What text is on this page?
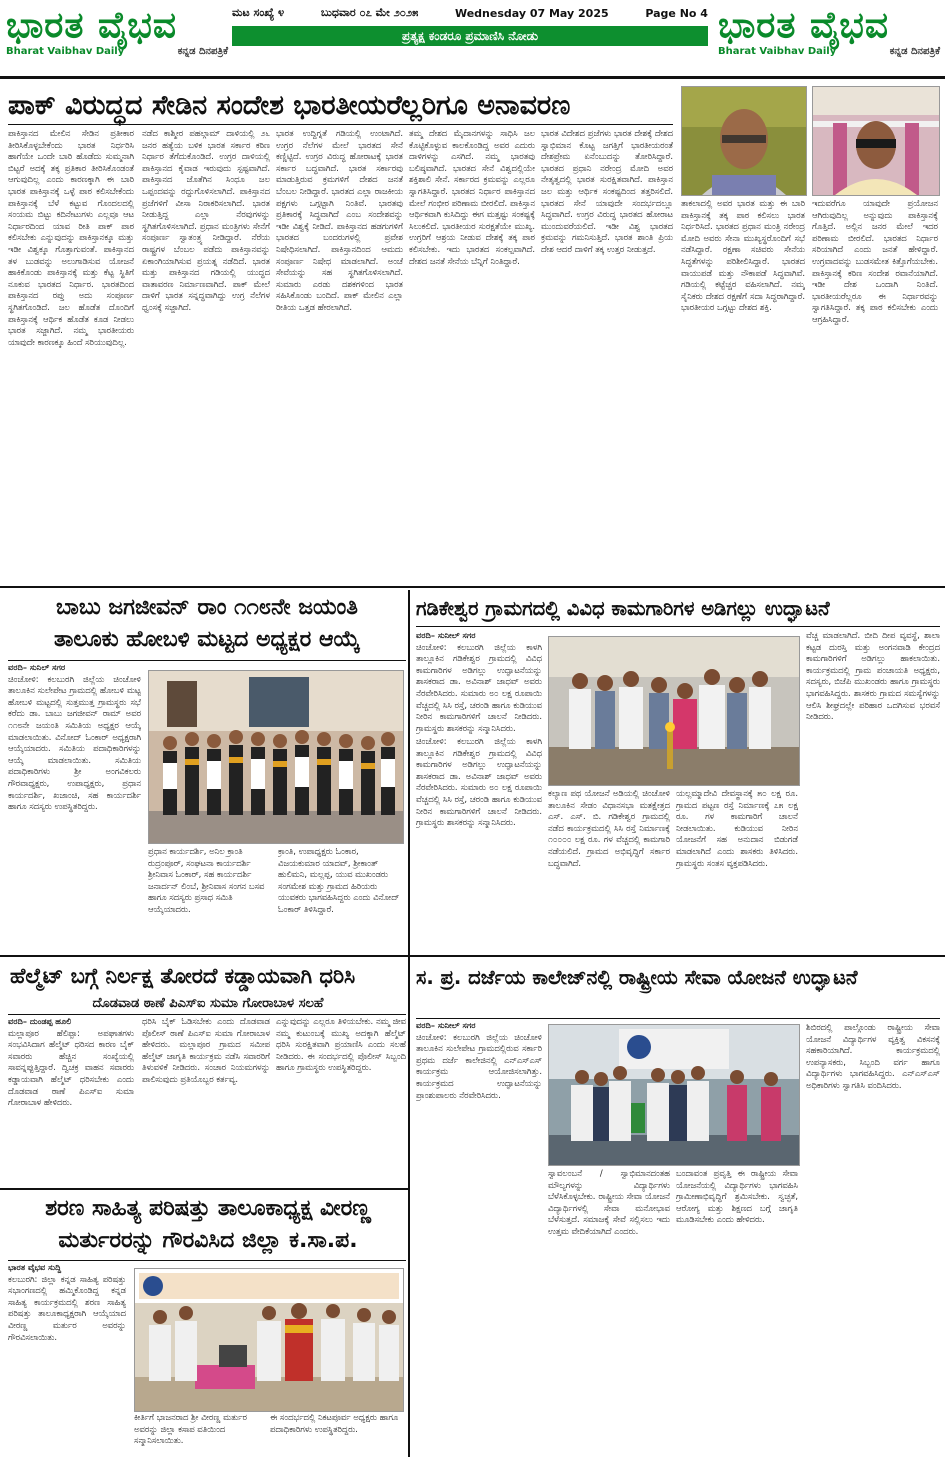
ಭಾರತ ವೈಭವ
Bharat Vaibhav Daily	ಕನ್ನಡ ದಿನಪತ್ರಿಕೆ
ಭಾರತ ವೈಭವ
Bharat Vaibhav Daily	ಕನ್ನಡ ದಿನಪತ್ರಿಕೆ
ಮಟ ಸಂಖ್ಯೆ ೪	ಬುಧವಾರ ೦೭ ಮೇ ೨೦೨೫	Wednesday 07 May 2025	Page No 4
ಪ್ರತ್ಯಕ್ಷ ಕಂಡರೂ ಪ್ರಮಾಣಿಸಿ ನೋಡು
ಪಾಕ್ ವಿರುದ್ಧದ ಸೇಡಿನ ಸಂದೇಶ ಭಾರತೀಯರೆಲ್ಲರಿಗೂ ಅನಾವರಣ
ಪಾಕಿಸ್ತಾನದ ಮೇಲಿನ ಸೇಡಿನ ಪ್ರತೀಕಾರ ತೀರಿಸಿಕೊಳ್ಳಬೇಕೆಂದು ಭಾರತ ನಿರ್ಧರಿಸಿ ಹಾಗೆಯೇ ಒಂದೇ ಬಾರಿ ಹೊಡೆದು ಸುಮ್ಮನಾಗಿ ಬಿಟ್ಟರೆ ಅದಕ್ಕೆ ತಕ್ಕ ಪ್ರತಿಕಾರ ತೀರಿಸಿಕೊಂಡಂತೆ ಆಗುವುದಿಲ್ಲ ಎಂದು ಕಾರಣಕ್ಕಾಗಿ ಈ ಬಾರಿ ಭಾರತ ಪಾಕಿಸ್ತಾನಕ್ಕೆ ಒಳ್ಳೆ ಪಾಠ ಕಲಿಸಬೇಕೆಂದು ಪಾಕಿಸ್ತಾನಕ್ಕೆ ಬೆಳೆ ಕಟ್ಟುವ ಗೊಂದಲದಲ್ಲಿ ಸಂಯಮ ಬಿಟ್ಟು ಕದಿನೇಟುಗಳು ಎಲ್ಲವೂ ಆಟ ನಿರ್ಧಾರದಿಂದ ಯಾವ ರೀತಿ ಪಾಕ್ ಪಾಠ ಕಲಿಸಬೇಕು ಎನ್ನುವುದನ್ನು ಪಾಕಿಸ್ತಾನಕ್ಕೂ ಮತ್ತು ಇಡೀ ವಿಶ್ವಕ್ಕೂ ಗೊತ್ತಾಗುವಂತೆ. ಪಾಕಿಸ್ತಾನದ ತಳ ಬುಡವನ್ನು ಅಲುಗಾಡಿಸುವ ಯೋಜನೆ ಹಾಕಿಕೊಂಡು ಪಾಕಿಸ್ತಾನಕ್ಕೆ ಮತ್ತು ಕೆಟ್ಟ ಸ್ಥಿತಿಗೆ ನೂಕುವ ಭಾರತದ ನಿರ್ಧಾರ. ಭಾರತದಿಂದ ಪಾಕಿಸ್ತಾನದ ರಪ್ತು ಅದು ಸಂಪೂರ್ಣ ಸ್ಥಗಿತಗೊಂಡಿದೆ. ಜಲ ಹೊಡೆತ ದೊಂದಿಗೆ ಪಾಕಿಸ್ತಾನಕ್ಕೆ ಆರ್ಥಿಕ ಹೊಡೆತ ಕೂಡ ನೀಡಲು ಭಾರತ ಸಜ್ಜಾಗಿದೆ. ನಮ್ಮ ಭಾರತೀಯರು ಯಾವುದೇ ಕಾರಣಕ್ಕೂ ಹಿಂದೆ ಸರಿಯುವುದಿಲ್ಲ.
ನಡೆದ ಕಾಶ್ಮೀರ ಪಹಲ್ಗಾಮ್ ದಾಳಿಯಲ್ಲಿ ೨೬ ಜನರ ಹತ್ಯೆಯ ಬಳಿಕ ಭಾರತ ಸರ್ಕಾರ ಕಠಿಣ ನಿರ್ಧಾರ ತೆಗೆದುಕೊಂಡಿದೆ. ಉಗ್ರರ ದಾಳಿಯಲ್ಲಿ ಪಾಕಿಸ್ತಾನದ ಕೈವಾಡ ಇರುವುದು ಸ್ಪಷ್ಟವಾಗಿದೆ. ಪಾಕಿಸ್ತಾನದ ಜೊತೆಗಿನ ಸಿಂಧೂ ಜಲ ಒಪ್ಪಂದವನ್ನು ರದ್ದುಗೊಳಿಸಲಾಗಿದೆ. ಪಾಕಿಸ್ತಾನದ ಪ್ರಜೆಗಳಿಗೆ ವೀಸಾ ನಿರಾಕರಿಸಲಾಗಿದೆ. ಭಾರತ ನೀಡುತ್ತಿದ್ದ ಎಲ್ಲಾ ನೆರವುಗಳನ್ನು ಸ್ಥಗಿತಗೊಳಿಸಲಾಗಿದೆ. ಪ್ರಧಾನ ಮಂತ್ರಿಗಳು ಸೇನೆಗೆ ಸಂಪೂರ್ಣ ಸ್ವಾತಂತ್ರ್ಯ ನೀಡಿದ್ದಾರೆ. ನೆರೆಯ ರಾಷ್ಟ್ರಗಳ ಬೆಂಬಲ ಪಡೆದು ಪಾಕಿಸ್ತಾನವನ್ನು ಏಕಾಂಗಿಯಾಗಿಸುವ ಪ್ರಯತ್ನ ನಡೆದಿದೆ. ಭಾರತ ಮತ್ತು ಪಾಕಿಸ್ತಾನದ ಗಡಿಯಲ್ಲಿ ಯುದ್ಧದ ವಾತಾವರಣ ನಿರ್ಮಾಣವಾಗಿದೆ. ಪಾಕ್ ಮೇಲೆ ದಾಳಿಗೆ ಭಾರತ ಸನ್ನದ್ಧವಾಗಿದ್ದು ಉಗ್ರ ನೆಲೆಗಳ ಧ್ವಂಸಕ್ಕೆ ಸಜ್ಜಾಗಿದೆ.
ಭಾರತ ಉದ್ದಿಗ್ನತೆ ಗಡಿಯಲ್ಲಿ ಉಂಟಾಗಿದೆ. ಉಗ್ರರ ನೆಲೆಗಳ ಮೇಲೆ ಭಾರತದ ಸೇನೆ ಕಣ್ಣಿಟ್ಟಿದೆ. ಉಗ್ರರ ವಿರುದ್ಧ ಹೋರಾಟಕ್ಕೆ ಭಾರತ ಸರ್ಕಾರ ಬದ್ಧವಾಗಿದೆ. ಭಾರತ ಸರ್ಕಾರವು ಮಾಡುತ್ತಿರುವ ಕ್ರಮಗಳಿಗೆ ದೇಶದ ಜನತೆ ಬೆಂಬಲ ನೀಡಿದ್ದಾರೆ. ಭಾರತದ ಎಲ್ಲಾ ರಾಜಕೀಯ ಪಕ್ಷಗಳು ಒಗ್ಗಟ್ಟಾಗಿ ನಿಂತಿವೆ. ಭಾರತವು ಪ್ರತಿಕಾರಕ್ಕೆ ಸಿದ್ಧವಾಗಿದೆ ಎಂಬ ಸಂದೇಶವನ್ನು ಇಡೀ ವಿಶ್ವಕ್ಕೆ ನೀಡಿದೆ. ಪಾಕಿಸ್ತಾನದ ಹಡಗುಗಳಿಗೆ ಭಾರತದ ಬಂದರುಗಳಲ್ಲಿ ಪ್ರವೇಶ ನಿಷೇಧಿಸಲಾಗಿದೆ. ಪಾಕಿಸ್ತಾನದಿಂದ ಆಮದು ಸಂಪೂರ್ಣ ನಿಷೇಧ ಮಾಡಲಾಗಿದೆ. ಅಂಚೆ ಸೇವೆಯನ್ನು ಸಹ ಸ್ಥಗಿತಗೊಳಿಸಲಾಗಿದೆ. ಸುಮಾರು ಎರಡು ದಶಕಗಳಿಂದ ಭಾರತ ಸಹಿಸಿಕೊಂಡು ಬಂದಿದೆ. ಪಾಕ್ ಮೇಲಿನ ಎಲ್ಲಾ ರೀತಿಯ ಒತ್ತಡ ಹೇರಲಾಗಿದೆ.
ತಮ್ಮ ದೇಶದ ಮೈದಾನಗಳನ್ನು ಸಾಧಿಸಿ ಜಲ ಕೊಟ್ಟಿಕೊಳ್ಳುವ ಕಾಲಕೊಂಡಿದ್ದ ಅವರ ಎದುರು ದಾಳಿಗಳನ್ನು ಎಸಗಿದೆ. ನಮ್ಮ ಭಾರತವು ಬಲಿಷ್ಠವಾಗಿದೆ. ಭಾರತದ ಸೇನೆ ವಿಶ್ವದಲ್ಲಿಯೇ ಶಕ್ತಿಶಾಲಿ ಸೇನೆ. ಸರ್ಕಾರದ ಕ್ರಮವನ್ನು ಎಲ್ಲರೂ ಸ್ವಾಗತಿಸಿದ್ದಾರೆ. ಭಾರತದ ನಿರ್ಧಾರ ಪಾಕಿಸ್ತಾನದ ಮೇಲೆ ಗಂಭೀರ ಪರಿಣಾಮ ಬೀರಲಿದೆ. ಪಾಕಿಸ್ತಾನ ಆರ್ಥಿಕವಾಗಿ ಕುಸಿದಿದ್ದು ಈಗ ಮತ್ತಷ್ಟು ಸಂಕಷ್ಟಕ್ಕೆ ಸಿಲುಕಲಿದೆ. ಭಾರತೀಯರ ಸುರಕ್ಷತೆಯೇ ಮುಖ್ಯ. ಉಗ್ರರಿಗೆ ಆಶ್ರಯ ನೀಡುವ ದೇಶಕ್ಕೆ ತಕ್ಕ ಪಾಠ ಕಲಿಸಬೇಕು. ಇದು ಭಾರತದ ಸಂಕಲ್ಪವಾಗಿದೆ. ದೇಶದ ಜನತೆ ಸೇನೆಯ ಬೆನ್ನಿಗೆ ನಿಂತಿದ್ದಾರೆ.
ಭಾರತ ವಿದೇಶದ ಪ್ರಜೆಗಳು ಭಾರತ ದೇಶಕ್ಕೆ ದೇಶದ ಸ್ವಾಭಿಮಾನ ಕೊಟ್ಟ ಜಗತ್ತಿಗೆ ಭಾರತೀಯರಂತೆ ದೇಶಪ್ರೇಮ ಏನೆಂಬುದನ್ನು ತೋರಿಸಿದ್ದಾರೆ. ಭಾರತದ ಪ್ರಧಾನಿ ನರೇಂದ್ರ ಮೋದಿ ಅವರ ನೇತೃತ್ವದಲ್ಲಿ ಭಾರತ ಸುರಕ್ಷಿತವಾಗಿದೆ. ಪಾಕಿಸ್ತಾನ ಜಲ ಮತ್ತು ಆರ್ಥಿಕ ಸಂಕಷ್ಟದಿಂದ ತತ್ತರಿಸಲಿದೆ. ಭಾರತದ ಸೇನೆ ಯಾವುದೇ ಸಂದರ್ಭದಲ್ಲೂ ಸಿದ್ಧವಾಗಿದೆ. ಉಗ್ರರ ವಿರುದ್ಧ ಭಾರತದ ಹೋರಾಟ ಮುಂದುವರೆಯಲಿದೆ. ಇಡೀ ವಿಶ್ವ ಭಾರತದ ಕ್ರಮವನ್ನು ಗಮನಿಸುತ್ತಿದೆ. ಭಾರತ ಶಾಂತಿ ಪ್ರಿಯ ದೇಶ ಆದರೆ ದಾಳಿಗೆ ತಕ್ಕ ಉತ್ತರ ನೀಡುತ್ತದೆ.
ತಾಕಲಾದಲ್ಲಿ ಅವರ ಭಾರತ ಮತ್ತು ಈ ಬಾರಿ ಪಾಕಿಸ್ತಾನಕ್ಕೆ ತಕ್ಕ ಪಾಠ ಕಲಿಸಲು ಭಾರತ ನಿರ್ಧರಿಸಿದೆ. ಭಾರತದ ಪ್ರಧಾನ ಮಂತ್ರಿ ನರೇಂದ್ರ ಮೋದಿ ಅವರು ಸೇನಾ ಮುಖ್ಯಸ್ಥರೊಂದಿಗೆ ಸಭೆ ನಡೆಸಿದ್ದಾರೆ. ರಕ್ಷಣಾ ಸಚಿವರು ಸೇನೆಯ ಸಿದ್ಧತೆಗಳನ್ನು ಪರಿಶೀಲಿಸಿದ್ದಾರೆ. ಭಾರತದ ವಾಯುಪಡೆ ಮತ್ತು ನೌಕಾಪಡೆ ಸಿದ್ಧವಾಗಿವೆ. ಗಡಿಯಲ್ಲಿ ಕಟ್ಟೆಚ್ಚರ ವಹಿಸಲಾಗಿದೆ. ನಮ್ಮ ಸೈನಿಕರು ದೇಶದ ರಕ್ಷಣೆಗೆ ಸದಾ ಸಿದ್ಧರಾಗಿದ್ದಾರೆ. ಭಾರತೀಯರ ಒಗ್ಗಟ್ಟು ದೇಶದ ಶಕ್ತಿ.
ಇದುವರೆಗೂ ಯಾವುದೇ ಪ್ರಯೋಜನ ಆಗಿರುವುದಿಲ್ಲ ಅನ್ನುವುದು ಪಾಕಿಸ್ತಾನಕ್ಕೆ ಗೊತ್ತಿದೆ. ಅಲ್ಲಿನ ಜನರ ಮೇಲೆ ಇದರ ಪರಿಣಾಮ ಬೀರಲಿದೆ. ಭಾರತದ ನಿರ್ಧಾರ ಸರಿಯಾಗಿದೆ ಎಂದು ಜನತೆ ಹೇಳಿದ್ದಾರೆ. ಉಗ್ರವಾದವನ್ನು ಬುಡಸಮೇತ ಕಿತ್ತೊಗೆಯಬೇಕು. ಪಾಕಿಸ್ತಾನಕ್ಕೆ ಕಠಿಣ ಸಂದೇಶ ರವಾನೆಯಾಗಿದೆ. ಇಡೀ ದೇಶ ಒಂದಾಗಿ ನಿಂತಿದೆ. ಭಾರತೀಯರೆಲ್ಲರೂ ಈ ನಿರ್ಧಾರವನ್ನು ಸ್ವಾಗತಿಸಿದ್ದಾರೆ. ತಕ್ಕ ಪಾಠ ಕಲಿಸಬೇಕು ಎಂದು ಆಗ್ರಹಿಸಿದ್ದಾರೆ.
ಬಾಬು ಜಗಜೀವನ್ ರಾಂ ೧೧೮ನೇ ಜಯಂತಿ
ತಾಲೂಕು ಹೋಬಳಿ ಮಟ್ಟದ ಅಧ್ಯಕ್ಷರ ಆಯ್ಕೆ
ವರದಿ– ಸುನಿಲ್ ಸಗರ

ಚಿಂಚೋಳಿ: ಕಲಬುರಗಿ ಜಿಲ್ಲೆಯ ಚಿಂಚೋಳಿ ತಾಲೂಕಿನ ಸುಲೇಪೇಟ ಗ್ರಾಮದಲ್ಲಿ ಹೋಬಳಿ ಮಟ್ಟ ಹೋಬಳಿ ಮಟ್ಟದಲ್ಲಿ ಸುತ್ತಮುತ್ತ ಗ್ರಾಮಸ್ಥರು ಸಭೆ ಕರೆದು ಡಾ. ಬಾಬು ಜಗಜೀವನ್ ರಾಮ್ ಅವರ ೧೧೮ನೇ ಜಯಂತಿ ಸಮಿತಿಯ ಅಧ್ಯಕ್ಷರ ಆಯ್ಕೆ ಮಾಡಲಾಯಿತು. ವಿನೋದ್ ಓಂಕಾರ್ ಅಧ್ಯಕ್ಷರಾಗಿ ಆಯ್ಕೆಯಾದರು. ಸಮಿತಿಯ ಪದಾಧಿಕಾರಿಗಳನ್ನು ಆಯ್ಕೆ ಮಾಡಲಾಯಿತು. ಸಮಿತಿಯ ಪದಾಧಿಕಾರಿಗಳು ಶ್ರೀ ಅಂಗವಿಕಲರು ಗೌರವಾಧ್ಯಕ್ಷರು, ಉಪಾಧ್ಯಕ್ಷರು, ಪ್ರಧಾನ ಕಾರ್ಯದರ್ಶಿ, ಖಜಾಂಚಿ, ಸಹ ಕಾರ್ಯದರ್ಶಿ ಹಾಗೂ ಸದಸ್ಯರು ಉಪಸ್ಥಿತರಿದ್ದರು.

ಪ್ರಧಾನ ಕಾರ್ಯದರ್ಶಿ, ಅನಿಲ ಕ್ರಾಂತಿ ರುದ್ರಂಪೂರ್, ಸಂಘಟನಾ ಕಾರ್ಯದರ್ಶಿ ಶ್ರೀನಿವಾಸ ಓಂಕಾರ್, ಸಹ ಕಾರ್ಯದರ್ಶಿ ಜನಾರ್ದನ್ ಲಿಂಬೆ, ಶ್ರೀನಿವಾಸ ಸಂಗನ ಬಸವ ಹಾಗೂ ಸದಸ್ಯರು ಪ್ರಸಾಧ ಸಮಿತಿ ಆಯ್ಕೆಯಾದರು.
ಕ್ರಾಂತಿ, ಉಪಾಧ್ಯಕ್ಷರು ಓಂಕಾರ, ವಿಜಯಕುಮಾರ ಯಾದವ್, ಶ್ರೀಕಾಂತ್ ಹುಲಿಮನಿ, ಮಲ್ಲಪ್ಪ, ಯುವ ಮುಖಂಡರು ಸಂಗಮೇಶ ಮತ್ತು ಗ್ರಾಮದ ಹಿರಿಯರು ಯುವಕರು ಭಾಗವಹಿಸಿದ್ದರು ಎಂದು ವಿನೋದ್ ಓಂಕಾರ್ ತಿಳಿಸಿದ್ದಾರೆ.
ಗಡಿಕೇಶ್ವರ ಗ್ರಾಮಗದಲ್ಲಿ ವಿವಿಧ ಕಾಮಗಾರಿಗಳ ಅಡಿಗಲ್ಲು ಉದ್ಘಾಟನೆ
ವರದಿ– ಸುನೀಲ್ ಸಗರ

ಚಿಂಚೋಳಿ: ಕಲಬುರಗಿ ಜಿಲ್ಲೆಯ ಕಾಳಗಿ ತಾಲ್ಲೂಕಿನ ಗಡಿಕೇಶ್ವರ ಗ್ರಾಮದಲ್ಲಿ ವಿವಿಧ ಕಾಮಗಾರಿಗಳ ಅಡಿಗಲ್ಲು ಉದ್ಘಾಟನೆಯನ್ನು ಶಾಸಕರಾದ ಡಾ. ಅವಿನಾಶ್ ಜಾಧವ್ ಅವರು ನೆರವೇರಿಸಿದರು. ಸುಮಾರು ೮೦ ಲಕ್ಷ ರೂಪಾಯಿ ವೆಚ್ಚದಲ್ಲಿ ಸಿಸಿ ರಸ್ತೆ, ಚರಂಡಿ ಹಾಗೂ ಕುಡಿಯುವ ನೀರಿನ ಕಾಮಗಾರಿಗಳಿಗೆ ಚಾಲನೆ ನೀಡಿದರು. ಗ್ರಾಮಸ್ಥರು ಶಾಸಕರನ್ನು ಸನ್ಮಾನಿಸಿದರು.

ಚಿಂಚೋಳಿ: ಕಲಬುರಗಿ ಜಿಲ್ಲೆಯ ಕಾಳಗಿ ತಾಲ್ಲೂಕಿನ ಗಡಿಕೇಶ್ವರ ಗ್ರಾಮದಲ್ಲಿ ವಿವಿಧ ಕಾಮಗಾರಿಗಳ ಅಡಿಗಲ್ಲು ಉದ್ಘಾಟನೆಯನ್ನು ಶಾಸಕರಾದ ಡಾ. ಅವಿನಾಶ್ ಜಾಧವ್ ಅವರು ನೆರವೇರಿಸಿದರು. ಸುಮಾರು ೮೦ ಲಕ್ಷ ರೂಪಾಯಿ ವೆಚ್ಚದಲ್ಲಿ ಸಿಸಿ ರಸ್ತೆ, ಚರಂಡಿ ಹಾಗೂ ಕುಡಿಯುವ ನೀರಿನ ಕಾಮಗಾರಿಗಳಿಗೆ ಚಾಲನೆ ನೀಡಿದರು. ಗ್ರಾಮಸ್ಥರು ಶಾಸಕರನ್ನು ಸನ್ಮಾನಿಸಿದರು.
ಕಲ್ಯಾಣ ಪಥ ಯೋಜನೆ ಅಡಿಯಲ್ಲಿ ಚಿಂಚೋಳಿ ತಾಲೂಕಿನ ಸೇಡಂ ವಿಧಾನಸಭಾ ಮತಕ್ಷೇತ್ರದ ಎಸ್. ಎಸ್. ಬಿ. ಗಡಿಕೇಶ್ವರ ಗ್ರಾಮದಲ್ಲಿ ನಡೆದ ಕಾರ್ಯಕ್ರಮದಲ್ಲಿ ಸಿಸಿ ರಸ್ತೆ ನಿರ್ಮಾಣಕ್ಕೆ ೧೦೦೦೦ ಲಕ್ಷ ರೂ. ಗಳ ವೆಚ್ಚದಲ್ಲಿ ಕಾಮಗಾರಿ ನಡೆಯಲಿದೆ. ಗ್ರಾಮದ ಅಭಿವೃದ್ಧಿಗೆ ಸರ್ಕಾರ ಬದ್ಧವಾಗಿದೆ.
ಯಲ್ಲಮ್ಮಾದೇವಿ ದೇವಸ್ಥಾನಕ್ಕೆ ೫೦ ಲಕ್ಷ ರೂ. ಗ್ರಾಮದ ಪಟ್ಟಣ ರಸ್ತೆ ನಿರ್ಮಾಣಕ್ಕೆ ೭೫ ಲಕ್ಷ ರೂ. ಗಳ ಕಾಮಗಾರಿಗೆ ಚಾಲನೆ ನೀಡಲಾಯಿತು. ಕುಡಿಯುವ ನೀರಿನ ಯೋಜನೆಗೆ ಸಹ ಅನುದಾನ ಬಿಡುಗಡೆ ಮಾಡಲಾಗಿದೆ ಎಂದು ಶಾಸಕರು ತಿಳಿಸಿದರು. ಗ್ರಾಮಸ್ಥರು ಸಂತಸ ವ್ಯಕ್ತಪಡಿಸಿದರು.
ವೆಚ್ಚ ಮಾಡಲಾಗಿದೆ. ಬೀದಿ ದೀಪ ವ್ಯವಸ್ಥೆ, ಶಾಲಾ ಕಟ್ಟಡ ದುರಸ್ತಿ ಮತ್ತು ಅಂಗನವಾಡಿ ಕೇಂದ್ರದ ಕಾಮಗಾರಿಗಳಿಗೆ ಅಡಿಗಲ್ಲು ಹಾಕಲಾಯಿತು. ಕಾರ್ಯಕ್ರಮದಲ್ಲಿ ಗ್ರಾಮ ಪಂಚಾಯತಿ ಅಧ್ಯಕ್ಷರು, ಸದಸ್ಯರು, ಬಿಜೆಪಿ ಮುಖಂಡರು ಹಾಗೂ ಗ್ರಾಮಸ್ಥರು ಭಾಗವಹಿಸಿದ್ದರು. ಶಾಸಕರು ಗ್ರಾಮದ ಸಮಸ್ಯೆಗಳನ್ನು ಆಲಿಸಿ ಶೀಘ್ರದಲ್ಲೇ ಪರಿಹಾರ ಒದಗಿಸುವ ಭರವಸೆ ನೀಡಿದರು.
ಹೆಲ್ಮೆಟ್ ಬಗ್ಗೆ ನಿರ್ಲಕ್ಷ ತೋರದೆ ಕಡ್ಡಾಯವಾಗಿ ಧರಿಸಿ
ದೊಡವಾಡ ಠಾಣೆ ಪಿಎಸ್ಐ ಸುಮಾ ಗೋರಾಬಾಳ ಸಲಹೆ
ವರದಿ– ದುಂಡಪ್ಪ ಹೂಲಿ

ಮಲ್ಲಾಪೂರ ಹೆಲಿಪ್ಪಾ: ಅಪಘಾತಗಳು ಸಂಭವಿಸಿದಾಗ ಹೆಲ್ಮೆಟ್ ಧರಿಸದ ಕಾರಣ ಬೈಕ್ ಸವಾರರು ಹೆಚ್ಚಿನ ಸಂಖ್ಯೆಯಲ್ಲಿ ಸಾವನ್ನಪ್ಪುತ್ತಿದ್ದಾರೆ. ದ್ವಿಚಕ್ರ ವಾಹನ ಸವಾರರು ಕಡ್ಡಾಯವಾಗಿ ಹೆಲ್ಮೆಟ್ ಧರಿಸಬೇಕು ಎಂದು ದೊಡವಾಡ ಠಾಣೆ ಪಿಎಸ್ಐ ಸುಮಾ ಗೋರಾಬಾಳ ಹೇಳಿದರು.

ಧರಿಸಿ ಬೈಕ್ ಓಡಿಸಬೇಕು ಎಂದು ದೊಡವಾಡ ಪೊಲೀಸ್ ಠಾಣೆ ಪಿಎಸ್ಐ ಸುಮಾ ಗೋರಾಬಾಳ ಹೇಳಿದರು. ಮಲ್ಲಾಪೂರ ಗ್ರಾಮದ ಸಮೀಪ ಹೆಲ್ಮೆಟ್ ಜಾಗೃತಿ ಕಾರ್ಯಕ್ರಮ ನಡೆಸಿ ಸವಾರರಿಗೆ ತಿಳುವಳಿಕೆ ನೀಡಿದರು. ಸಂಚಾರ ನಿಯಮಗಳನ್ನು ಪಾಲಿಸುವುದು ಪ್ರತಿಯೊಬ್ಬರ ಕರ್ತವ್ಯ.
ಎನ್ನುವುದನ್ನು ಎಲ್ಲರೂ ತಿಳಿಯಬೇಕು. ನಮ್ಮ ಜೀವ ನಮ್ಮ ಕುಟುಂಬಕ್ಕೆ ಮುಖ್ಯ ಅದಕ್ಕಾಗಿ ಹೆಲ್ಮೆಟ್ ಧರಿಸಿ ಸುರಕ್ಷಿತವಾಗಿ ಪ್ರಯಾಣಿಸಿ ಎಂದು ಸಲಹೆ ನೀಡಿದರು. ಈ ಸಂದರ್ಭದಲ್ಲಿ ಪೊಲೀಸ್ ಸಿಬ್ಬಂದಿ ಹಾಗೂ ಗ್ರಾಮಸ್ಥರು ಉಪಸ್ಥಿತರಿದ್ದರು.
ಶರಣ ಸಾಹಿತ್ಯ ಪರಿಷತ್ತು ತಾಲೂಕಾಧ್ಯಕ್ಷ ವೀರಣ್ಣ
ಮರ್ತುರರನ್ನು ಗೌರವಿಸಿದ ಜಿಲ್ಲಾ ಕ.ಸಾ.ಪ.
ಭಾರತ ವೈಭವ ಸುದ್ದಿ

ಕಲಬುರಗಿ: ಜಿಲ್ಲಾ ಕನ್ನಡ ಸಾಹಿತ್ಯ ಪರಿಷತ್ತು ಸಭಾಂಗಣದಲ್ಲಿ ಹಮ್ಮಿಕೊಂಡಿದ್ದ ಕನ್ನಡ ಸಾಹಿತ್ಯ ಕಾರ್ಯಕ್ರಮದಲ್ಲಿ ಶರಣ ಸಾಹಿತ್ಯ ಪರಿಷತ್ತು ತಾಲೂಕಾಧ್ಯಕ್ಷರಾಗಿ ಆಯ್ಕೆಯಾದ ವೀರಣ್ಣ ಮರ್ತುರ ಅವರನ್ನು ಗೌರವಿಸಲಾಯಿತು.

ಕೀರ್ತಿಗೆ ಭಾಜನರಾದ ಶ್ರೀ ವೀರಣ್ಣ ಮರ್ತುರ ಅವರನ್ನು ಜಿಲ್ಲಾ ಕಸಾಪ ವತಿಯಿಂದ ಸನ್ಮಾನಿಸಲಾಯಿತು.
ಈ ಸಂದರ್ಭದಲ್ಲಿ ನಿಕಟಪೂರ್ವ ಅಧ್ಯಕ್ಷರು ಹಾಗೂ ಪದಾಧಿಕಾರಿಗಳು ಉಪಸ್ಥಿತರಿದ್ದರು.
ಸ. ಪ್ರ. ದರ್ಜೆಯ ಕಾಲೇಜ್‌ನಲ್ಲಿ ರಾಷ್ಟ್ರೀಯ ಸೇವಾ ಯೋಜನೆ ಉದ್ಘಾಟನೆ
ವರದಿ– ಸುನೀಲ್ ಸಗರ

ಚಿಂಚೋಳಿ: ಕಲಬುರಗಿ ಜಿಲ್ಲೆಯ ಚಿಂಚೋಳಿ ತಾಲೂಕಿನ ಸುಲೇಪೇಟ ಗ್ರಾಮದಲ್ಲಿರುವ ಸರ್ಕಾರಿ ಪ್ರಥಮ ದರ್ಜೆ ಕಾಲೇಜಿನಲ್ಲಿ ಎನ್ಎಸ್ಎಸ್ ಕಾರ್ಯಕ್ರಮ ಆಯೋಜಿಸಲಾಗಿತ್ತು. ಕಾರ್ಯಕ್ರಮದ ಉದ್ಘಾಟನೆಯನ್ನು ಪ್ರಾಂಶುಪಾಲರು ನೆರವೇರಿಸಿದರು.

ಸ್ವಾವಲಂಬನೆ / ಸ್ವಾಭಿಮಾನದಂತಹ ಮೌಲ್ಯಗಳನ್ನು ವಿದ್ಯಾರ್ಥಿಗಳು ಬೆಳೆಸಿಕೊಳ್ಳಬೇಕು. ರಾಷ್ಟ್ರೀಯ ಸೇವಾ ಯೋಜನೆ ವಿದ್ಯಾರ್ಥಿಗಳಲ್ಲಿ ಸೇವಾ ಮನೋಭಾವ ಬೆಳೆಸುತ್ತದೆ. ಸಮಾಜಕ್ಕೆ ಸೇವೆ ಸಲ್ಲಿಸಲು ಇದು ಉತ್ತಮ ವೇದಿಕೆಯಾಗಿದೆ ಎಂದರು.
ಬಂದಾವಂತ ಪ್ರವೃತ್ತಿ ಈ ರಾಷ್ಟ್ರೀಯ ಸೇವಾ ಯೋಜನೆಯಲ್ಲಿ ವಿದ್ಯಾರ್ಥಿಗಳು ಭಾಗವಹಿಸಿ ಗ್ರಾಮೀಣಾಭಿವೃದ್ಧಿಗೆ ಶ್ರಮಿಸಬೇಕು. ಸ್ವಚ್ಛತೆ, ಆರೋಗ್ಯ ಮತ್ತು ಶಿಕ್ಷಣದ ಬಗ್ಗೆ ಜಾಗೃತಿ ಮೂಡಿಸಬೇಕು ಎಂದು ಹೇಳಿದರು.
ಶಿಬಿರದಲ್ಲಿ ಪಾಲ್ಗೊಂಡು ರಾಷ್ಟ್ರೀಯ ಸೇವಾ ಯೋಜನೆ ವಿದ್ಯಾರ್ಥಿಗಳ ವ್ಯಕ್ತಿತ್ವ ವಿಕಸನಕ್ಕೆ ಸಹಕಾರಿಯಾಗಿದೆ. ಕಾರ್ಯಕ್ರಮದಲ್ಲಿ ಉಪನ್ಯಾಸಕರು, ಸಿಬ್ಬಂದಿ ವರ್ಗ ಹಾಗೂ ವಿದ್ಯಾರ್ಥಿಗಳು ಭಾಗವಹಿಸಿದ್ದರು. ಎನ್ಎಸ್ಎಸ್ ಅಧಿಕಾರಿಗಳು ಸ್ವಾಗತಿಸಿ ವಂದಿಸಿದರು.
